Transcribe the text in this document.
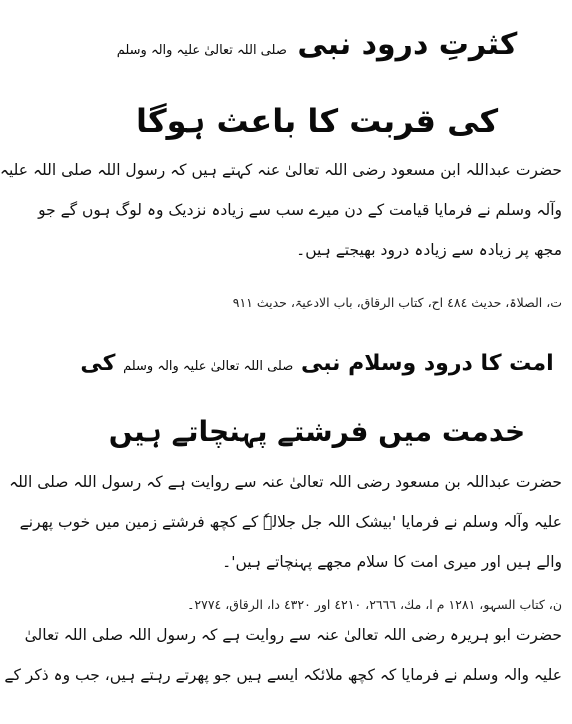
کثرتِ درود نبی صلی اللہ تعالیٰ علیہ والہ وسلم
کی قربت کا باعث ہوگا
حضرت عبداللہ ابن مسعود رضی اللہ تعالیٰ عنہ کہتے ہیں کہ رسول اللہ صلی اللہ علیہ
وآلہ وسلم نے فرمایا قیامت کے دن میرے سب سے زیادہ نزدیک وہ لوگ ہوں گے جو
مجھ پر زیادہ سے زیادہ درود بھیجتے ہیں۔
ت، الصلاۃ، حدیث ٤٨٤ اح، کتاب الرقاق، باب الادعیۃ، حدیث ٩١١
امت کا درود وسلام نبی صلی اللہ تعالیٰ علیہ والہ وسلم کی
خدمت میں فرشتے پہنچاتے ہیں
حضرت عبداللہ بن مسعود رضی اللہ تعالیٰ عنہ سے روایت ہے کہ رسول اللہ صلی اللہ
علیہ وآلہ وسلم نے فرمایا 'بیشک اللہ جل جلالہٗ کے کچھ فرشتے زمین میں خوب پھرنے
والے ہیں اور میری امت کا سلام مجھے پہنچاتے ہیں'۔
ن، کتاب السہو، ١٢٨١ م ا، مك، ٢٦٦٦، ٤٢١٠ اور ٤٣٢٠ دا، الرقاق، ٢٧٧٤۔
حضرت ابو ہریرہ رضی اللہ تعالیٰ عنہ سے روایت ہے کہ رسول اللہ صلی اللہ تعالیٰ
علیہ والہ وسلم نے فرمایا کہ کچھ ملائکہ ایسے ہیں جو پھرتے رہتے ہیں، جب وہ ذکر کے
